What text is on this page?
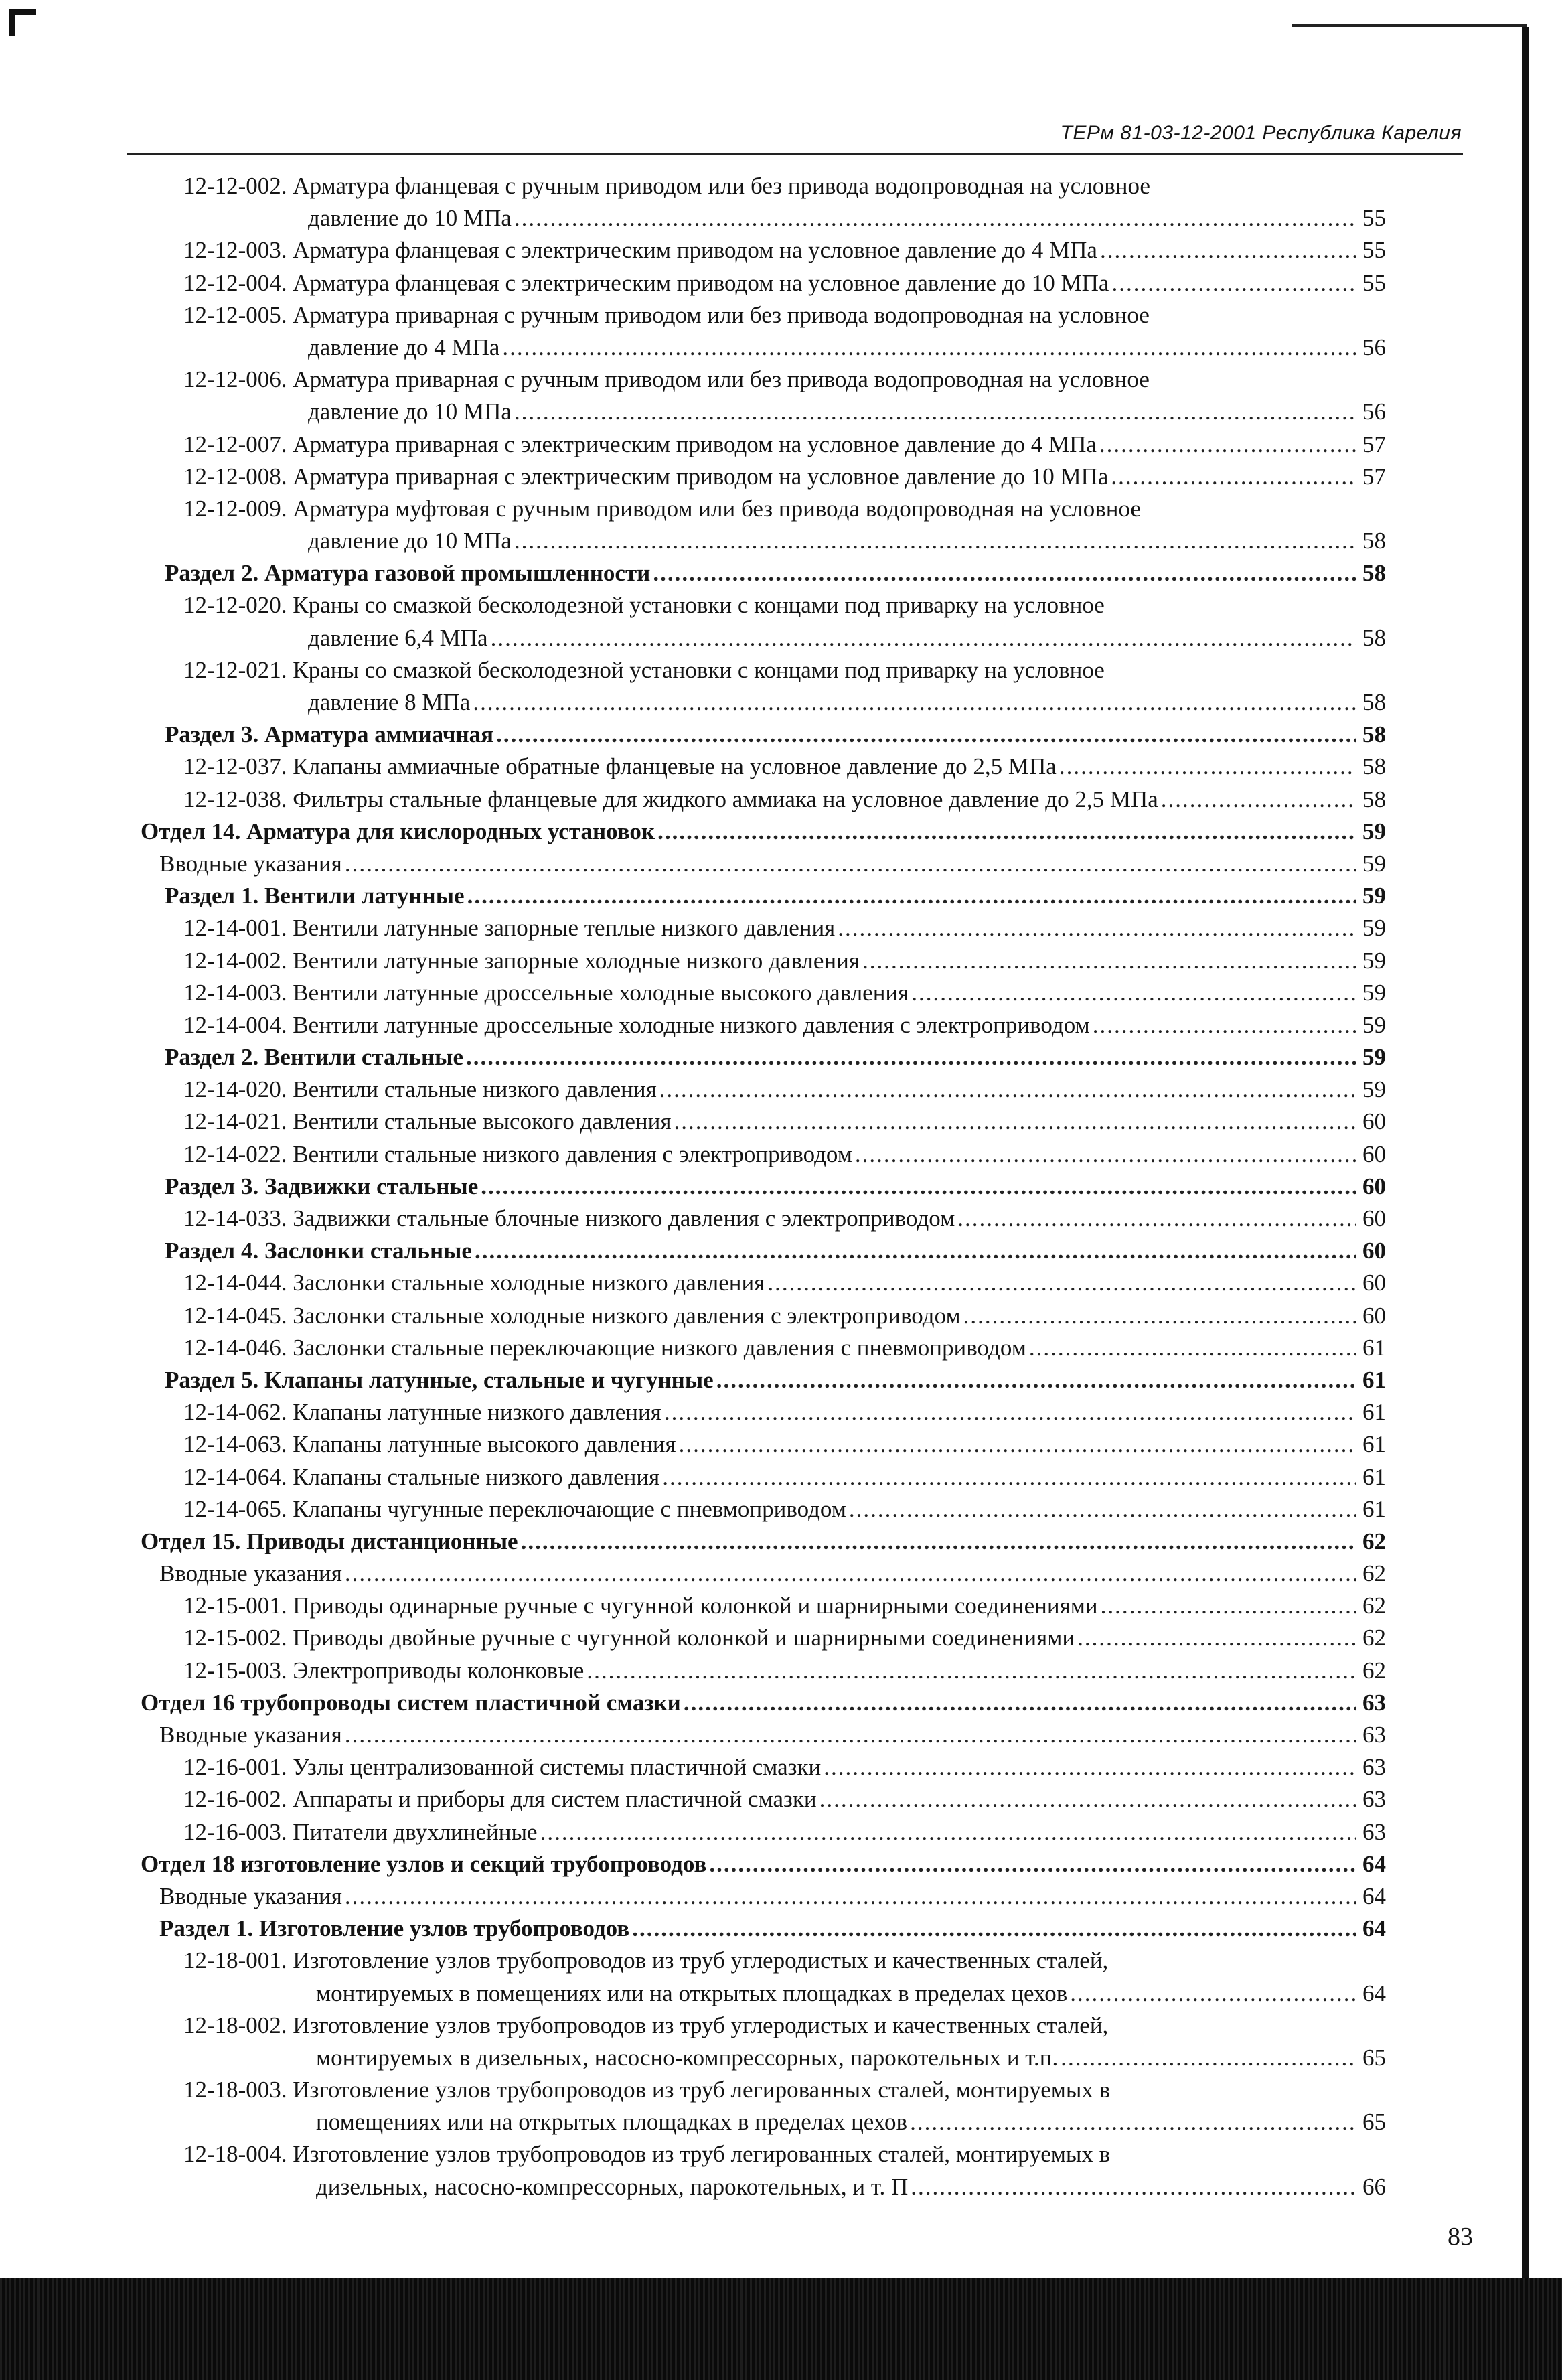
ТЕРм 81-03-12-2001 Республика Карелия
12-12-002. Арматура фланцевая с ручным приводом или без привода водопроводная на условное
давление до 10 МПа .....	55
12-12-003. Арматура фланцевая с электрическим приводом на условное давление до 4 МПа .....	55
12-12-004. Арматура фланцевая с электрическим приводом на условное давление до 10 МПа .....	55
12-12-005. Арматура приварная с ручным приводом или без привода водопроводная на условное
давление до 4 МПа .....	56
12-12-006. Арматура приварная с ручным приводом или без привода водопроводная на условное
давление до 10 МПа .....	56
12-12-007. Арматура приварная с электрическим приводом на условное давление до 4 МПа .....	57
12-12-008. Арматура приварная с электрическим приводом на условное давление до 10 МПа .....	57
12-12-009. Арматура муфтовая с ручным приводом или без привода водопроводная на условное
давление до 10 МПа .....	58
Раздел 2. Арматура газовой промышленности .....	58
12-12-020. Краны со смазкой бесколодезной установки с концами под приварку на условное
давление 6,4 МПа .....	58
12-12-021. Краны со смазкой бесколодезной установки с концами под приварку на условное
давление 8 МПа .....	58
Раздел 3. Арматура аммиачная .....	58
12-12-037. Клапаны аммиачные обратные фланцевые на условное давление до 2,5 МПа .....	58
12-12-038. Фильтры стальные фланцевые для жидкого аммиака на условное давление до 2,5 МПа .....	58
Отдел 14. Арматура для кислородных установок .....	59
Вводные указания .....	59
Раздел 1. Вентили латунные .....	59
12-14-001. Вентили латунные запорные теплые низкого давления .....	59
12-14-002. Вентили латунные запорные холодные низкого давления .....	59
12-14-003. Вентили латунные дроссельные холодные высокого давления .....	59
12-14-004. Вентили латунные дроссельные холодные низкого давления с электроприводом .....	59
Раздел 2. Вентили стальные .....	59
12-14-020. Вентили стальные низкого давления .....	59
12-14-021. Вентили стальные высокого давления .....	60
12-14-022. Вентили стальные низкого давления с электроприводом .....	60
Раздел 3. Задвижки стальные .....	60
12-14-033. Задвижки стальные блочные низкого давления с электроприводом .....	60
Раздел 4. Заслонки стальные .....	60
12-14-044. Заслонки стальные холодные низкого давления .....	60
12-14-045. Заслонки стальные холодные низкого давления с электроприводом .....	60
12-14-046. Заслонки стальные переключающие низкого давления с пневмоприводом .....	61
Раздел 5. Клапаны латунные, стальные и чугунные .....	61
12-14-062. Клапаны латунные низкого давления .....	61
12-14-063. Клапаны латунные высокого давления .....	61
12-14-064. Клапаны стальные низкого давления .....	61
12-14-065. Клапаны чугунные переключающие с пневмоприводом .....	61
Отдел 15. Приводы дистанционные .....	62
Вводные указания .....	62
12-15-001. Приводы одинарные ручные с чугунной колонкой и шарнирными соединениями .....	62
12-15-002. Приводы двойные ручные с чугунной колонкой и шарнирными соединениями .....	62
12-15-003. Электроприводы колонковые .....	62
Отдел 16 трубопроводы систем пластичной смазки .....	63
Вводные указания .....	63
12-16-001. Узлы централизованной системы пластичной смазки .....	63
12-16-002. Аппараты и приборы для систем пластичной смазки .....	63
12-16-003. Питатели двухлинейные .....	63
Отдел 18 изготовление узлов и секций трубопроводов .....	64
Вводные указания .....	64
Раздел 1. Изготовление узлов трубопроводов .....	64
12-18-001. Изготовление узлов трубопроводов из труб углеродистых и качественных сталей,
монтируемых в помещениях или на открытых площадках в пределах цехов .....	64
12-18-002. Изготовление узлов трубопроводов из труб углеродистых и качественных сталей,
монтируемых в дизельных, насосно-компрессорных, парокотельных и т.п. .....	65
12-18-003. Изготовление узлов трубопроводов из труб легированных сталей, монтируемых в
помещениях или на открытых площадках в пределах цехов .....	65
12-18-004. Изготовление узлов трубопроводов из труб легированных сталей, монтируемых в
дизельных, насосно-компрессорных, парокотельных, и т. П .....	66
83
